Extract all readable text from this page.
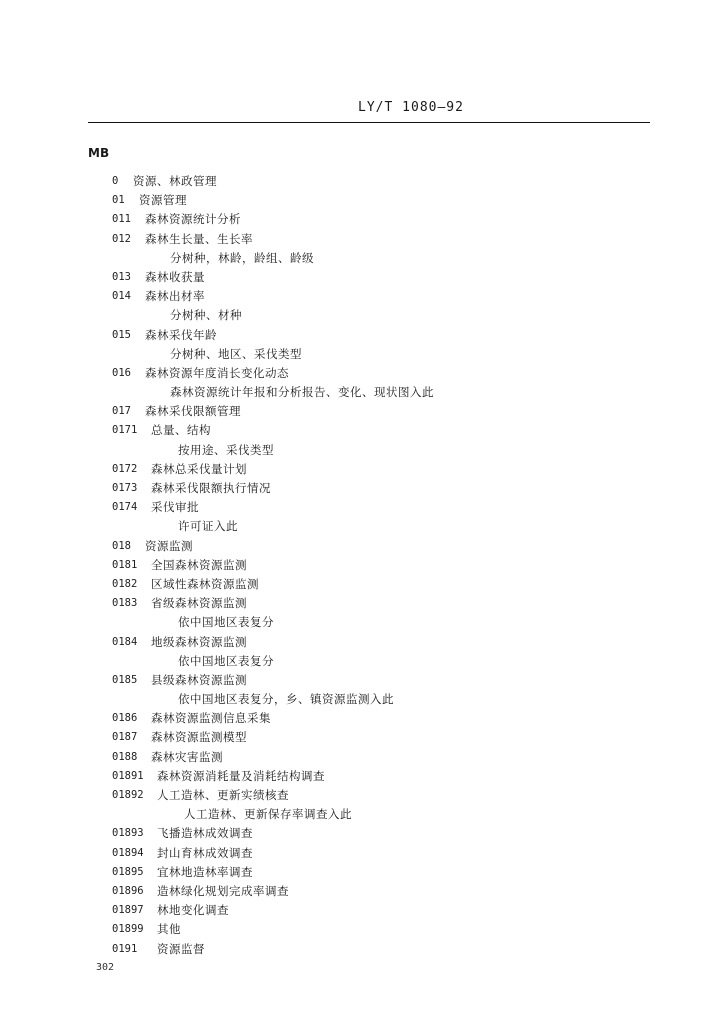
LY/T 1080—92
MB
0 资源、林政管理
01 资源管理
011 森林资源统计分析
012 森林生长量、生长率
分树种，林龄，龄组、龄级
013 森林收获量
014 森林出材率
分树种、材种
015 森林采伐年龄
分树种、地区、采伐类型
016 森林资源年度消长变化动态
森林资源统计年报和分析报告、变化、现状图入此
017 森林采伐限额管理
0171 总量、结构
按用途、采伐类型
0172 森林总采伐量计划
0173 森林采伐限额执行情况
0174 采伐审批
许可证入此
018 资源监测
0181 全国森林资源监测
0182 区域性森林资源监测
0183 省级森林资源监测
依中国地区表复分
0184 地级森林资源监测
依中国地区表复分
0185 县级森林资源监测
依中国地区表复分，乡、镇资源监测入此
0186 森林资源监测信息采集
0187 森林资源监测模型
0188 森林灾害监测
01891 森林资源消耗量及消耗结构调查
01892 人工造林、更新实绩核查
人工造林、更新保存率调查入此
01893 飞播造林成效调查
01894 封山育林成效调查
01895 宜林地造林率调查
01896 造林绿化规划完成率调查
01897 林地变化调查
01899 其他
0191 资源监督
302
